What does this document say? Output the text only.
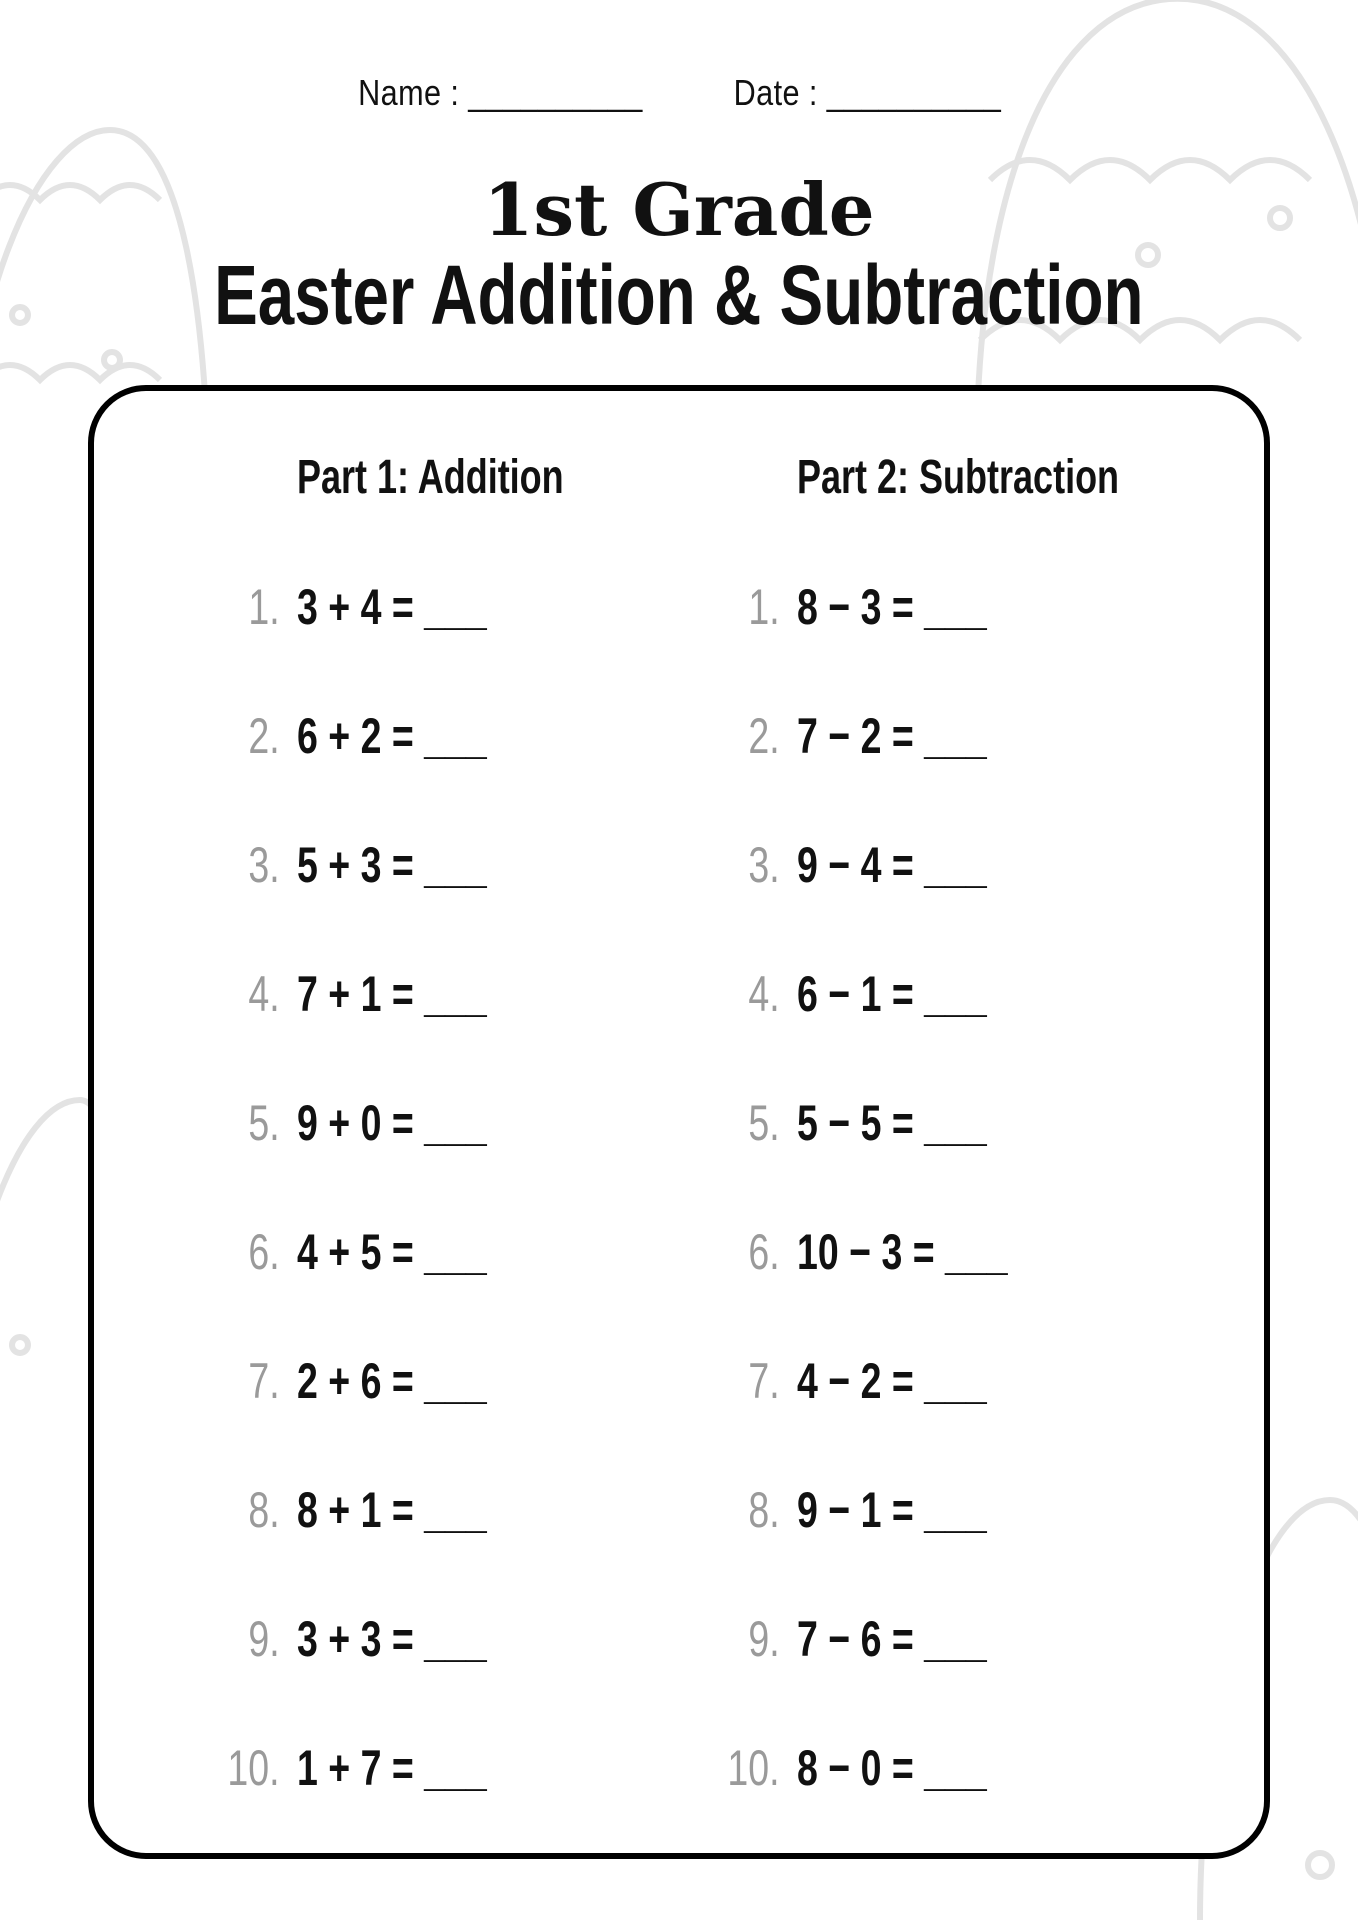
Name : __________	Date : __________
1st Grade
Easter Addition & Subtraction
Part 1: Addition	Part 2: Subtraction
1. 3 + 4 = ___
2. 6 + 2 = ___
3. 5 + 3 = ___
4. 7 + 1 = ___
5. 9 + 0 = ___
6. 4 + 5 = ___
7. 2 + 6 = ___
8. 8 + 1 = ___
9. 3 + 3 = ___
10. 1 + 7 = ___
1. 8 − 3 = ___
2. 7 − 2 = ___
3. 9 − 4 = ___
4. 6 − 1 = ___
5. 5 − 5 = ___
6. 10 − 3 = ___
7. 4 − 2 = ___
8. 9 − 1 = ___
9. 7 − 6 = ___
10. 8 − 0 = ___
